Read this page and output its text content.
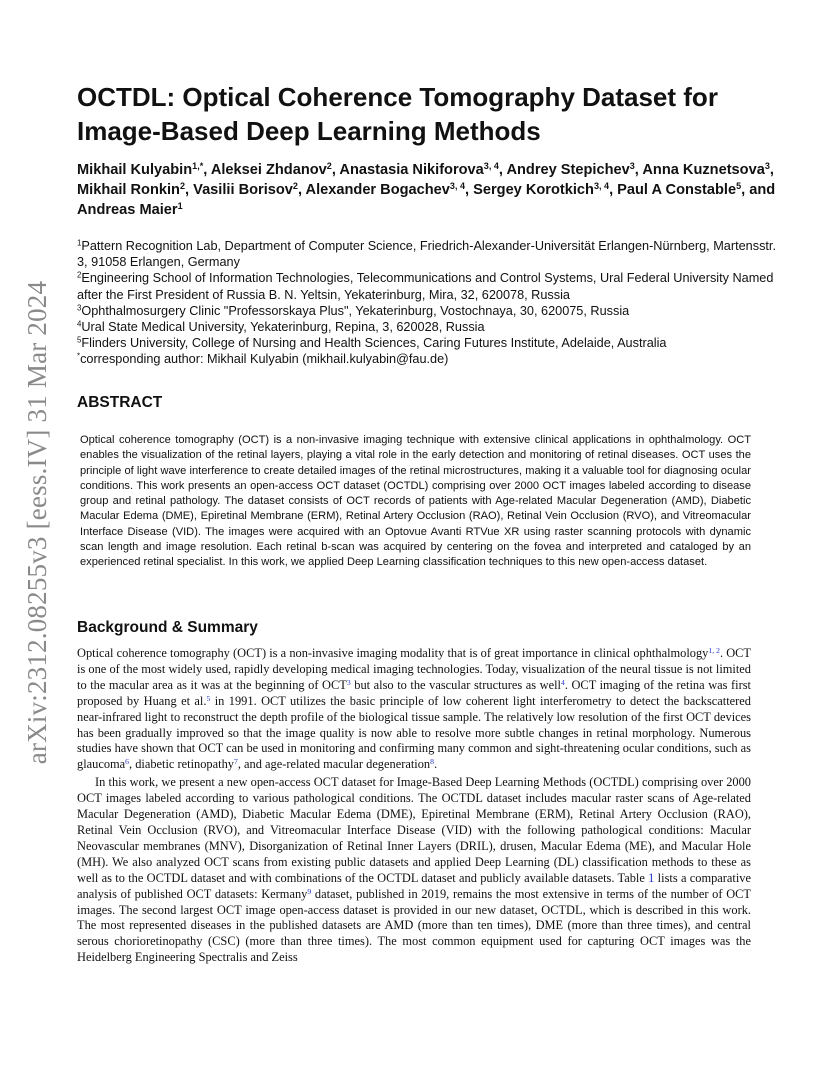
arXiv:2312.08255v3 [eess.IV] 31 Mar 2024
OCTDL: Optical Coherence Tomography Dataset for Image-Based Deep Learning Methods
Mikhail Kulyabin$^{1,*}$, Aleksei Zhdanov$^2$, Anastasia Nikiforova$^{3, 4}$, Andrey Stepichev$^3$, Anna Kuznetsova$^3$, Mikhail Ronkin$^2$, Vasilii Borisov$^2$, Alexander Bogachev$^{3, 4}$, Sergey Korotkich$^{3, 4}$, Paul A Constable$^5$, and Andreas Maier$^1$

$^1$Pattern Recognition Lab, Department of Computer Science, Friedrich-Alexander-Universität Erlangen-Nürnberg, Martensstr. 3, 91058 Erlangen, Germany

$^2$Engineering School of Information Technologies, Telecommunications and Control Systems, Ural Federal University Named after the First President of Russia B. N. Yeltsin, Yekaterinburg, Mira, 32, 620078, Russia

$^3$Ophthalmosurgery Clinic "Professorskaya Plus", Yekaterinburg, Vostochnaya, 30, 620075, Russia

$^4$Ural State Medical University, Yekaterinburg, Repina, 3, 620028, Russia

$^5$Flinders University, College of Nursing and Health Sciences, Caring Futures Institute, Adelaide, Australia

*corresponding author: Mikhail Kulyabin (mikhail.kulyabin@fau.de)

ABSTRACT
Optical coherence tomography (OCT) is a non-invasive imaging technique with extensive clinical applications in ophthalmology. OCT enables the visualization of the retinal layers, playing a vital role in the early detection and monitoring of retinal diseases. OCT uses the principle of light wave interference to create detailed images of the retinal microstructures, making it a valuable tool for diagnosing ocular conditions. This work presents an open-access OCT dataset (OCTDL) comprising over 2000 OCT images labeled according to disease group and retinal pathology. The dataset consists of OCT records of patients with Age-related Macular Degeneration (AMD), Diabetic Macular Edema (DME), Epiretinal Membrane (ERM), Retinal Artery Occlusion (RAO), Retinal Vein Occlusion (RVO), and Vitreomacular Interface Disease (VID). The images were acquired with an Optovue Avanti RTVue XR using raster scanning protocols with dynamic scan length and image resolution. Each retinal b-scan was acquired by centering on the fovea and interpreted and cataloged by an experienced retinal specialist. In this work, we applied Deep Learning classification techniques to this new open-access dataset.
Background & Summary

Optical coherence tomography (OCT) is a non-invasive imaging modality that is of great importance in clinical ophthalmology$^{1, 2}$. OCT is one of the most widely used, rapidly developing medical imaging technologies. Today, visualization of the neural tissue is not limited to the macular area as it was at the beginning of OCT$^3$ but also to the vascular structures as well$^4$. OCT imaging of the retina was first proposed by Huang et al.$^5$ in 1991. OCT utilizes the basic principle of low coherent light interferometry to detect the backscattered near-infrared light to reconstruct the depth profile of the biological tissue sample. The relatively low resolution of the first OCT devices has been gradually improved so that the image quality is now able to resolve more subtle changes in retinal morphology. Numerous studies have shown that OCT can be used in monitoring and confirming many common and sight-threatening ocular conditions, such as glaucoma$^6$, diabetic retinopathy$^7$, and age-related macular degeneration$^8$.

In this work, we present a new open-access OCT dataset for Image-Based Deep Learning Methods (OCTDL) comprising over 2000 OCT images labeled according to various pathological conditions. The OCTDL dataset includes macular raster scans of Age-related Macular Degeneration (AMD), Diabetic Macular Edema (DME), Epiretinal Membrane (ERM), Retinal Artery Occlusion (RAO), Retinal Vein Occlusion (RVO), and Vitreomacular Interface Disease (VID) with the following pathological conditions: Macular Neovascular membranes (MNV), Disorganization of Retinal Inner Layers (DRIL), drusen, Macular Edema (ME), and Macular Hole (MH). We also analyzed OCT scans from existing public datasets and applied Deep Learning (DL) classification methods to these as well as to the OCTDL dataset and with combinations of the OCTDL dataset and publicly available datasets. Table 1 lists a comparative analysis of published OCT datasets: Kermany$^9$ dataset, published in 2019, remains the most extensive in terms of the number of OCT images. The second largest OCT image open-access dataset is provided in our new dataset, OCTDL, which is described in this work. The most represented diseases in the published datasets are AMD (more than ten times), DME (more than three times), and central serous chorioretinopathy (CSC) (more than three times). The most common equipment used for capturing OCT images was the Heidelberg Engineering Spectralis and Zeiss
